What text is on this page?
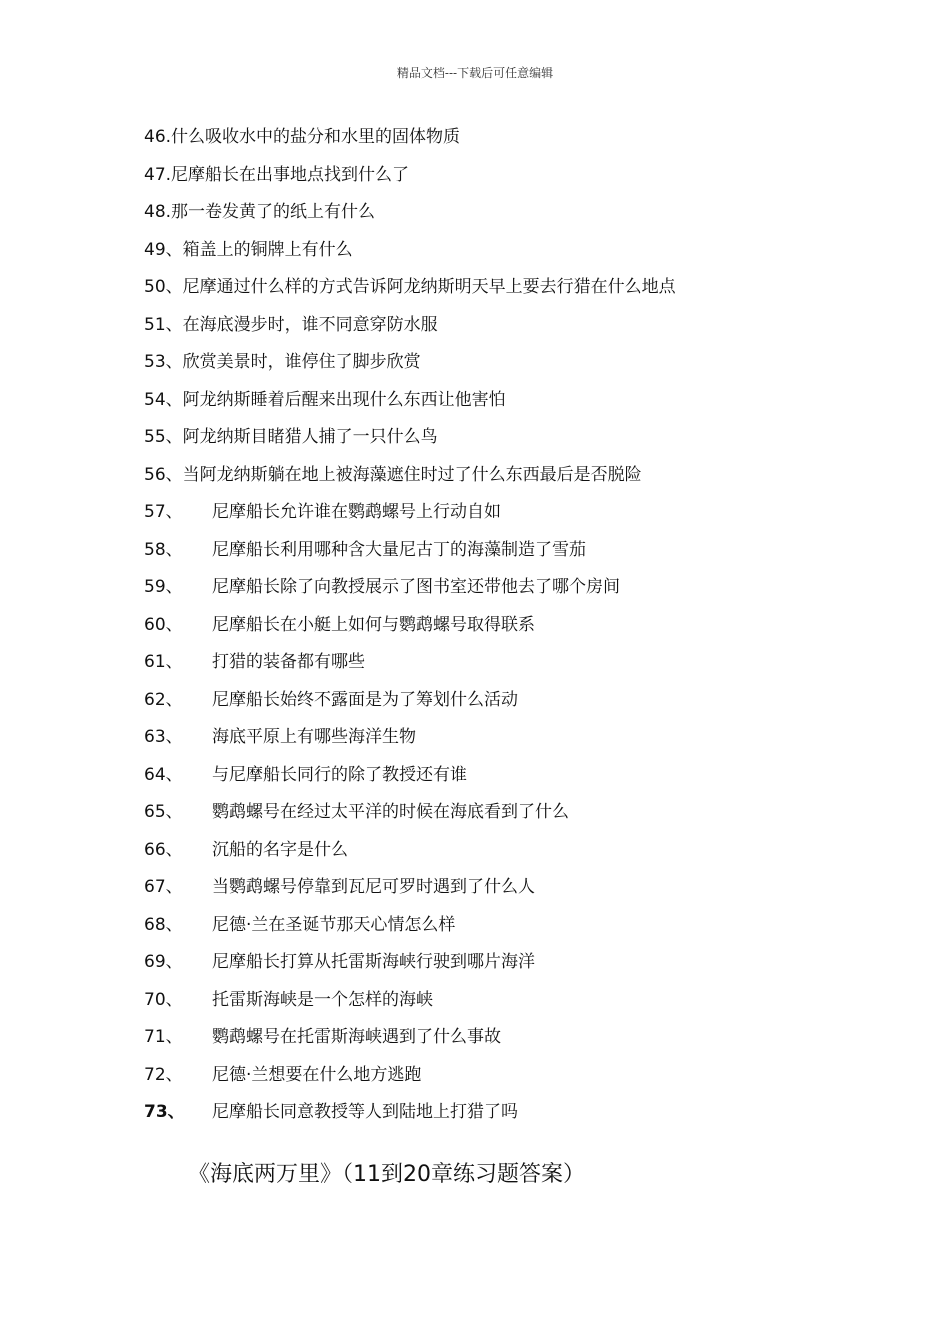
精品文档---下载后可任意编辑
46.什么吸收水中的盐分和水里的固体物质
47.尼摩船长在出事地点找到什么了
48.那一卷发黄了的纸上有什么
49、箱盖上的铜牌上有什么
50、尼摩通过什么样的方式告诉阿龙纳斯明天早上要去行猎在什么地点
51、在海底漫步时，谁不同意穿防水服
53、欣赏美景时，谁停住了脚步欣赏
54、阿龙纳斯睡着后醒来出现什么东西让他害怕
55、阿龙纳斯目睹猎人捕了一只什么鸟
56、当阿龙纳斯躺在地上被海藻遮住时过了什么东西最后是否脱险
57、 尼摩船长允许谁在鹦鹉螺号上行动自如
58、 尼摩船长利用哪种含大量尼古丁的海藻制造了雪茄
59、 尼摩船长除了向教授展示了图书室还带他去了哪个房间
60、 尼摩船长在小艇上如何与鹦鹉螺号取得联系
61、 打猎的装备都有哪些
62、 尼摩船长始终不露面是为了筹划什么活动
63、 海底平原上有哪些海洋生物
64、 与尼摩船长同行的除了教授还有谁
65、 鹦鹉螺号在经过太平洋的时候在海底看到了什么
66、 沉船的名字是什么
67、 当鹦鹉螺号停靠到瓦尼可罗时遇到了什么人
68、 尼德·兰在圣诞节那天心情怎么样
69、 尼摩船长打算从托雷斯海峡行驶到哪片海洋
70、 托雷斯海峡是一个怎样的海峡
71、 鹦鹉螺号在托雷斯海峡遇到了什么事故
72、 尼德·兰想要在什么地方逃跑
73、 尼摩船长同意教授等人到陆地上打猎了吗
《海底两万里》（11到20章练习题答案）
